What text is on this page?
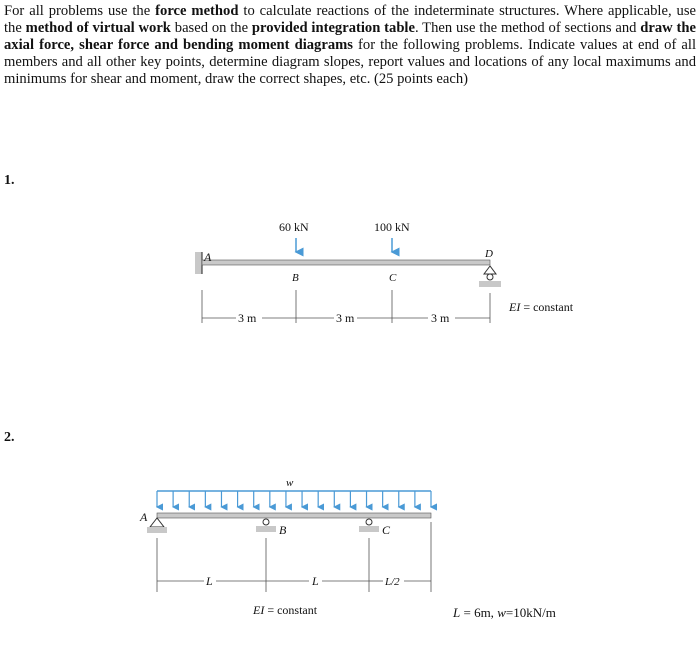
For all problems use the force method to calculate reactions of the indeterminate structures. Where applicable, use the method of virtual work based on the provided integration table. Then use the method of sections and draw the axial force, shear force and bending moment diagrams for the following problems. Indicate values at end of all members and all other key points, determine diagram slopes, report values and locations of any local maximums and minimums for shear and moment, draw the correct shapes, etc. (25 points each)
1.
2.
60 kN	100 kN
A
B	C
D
3 m	3 m	3 m
EI = constant
w
A
B	C
L	L	L/2
EI = constant	L = 6m, w=10kN/m
